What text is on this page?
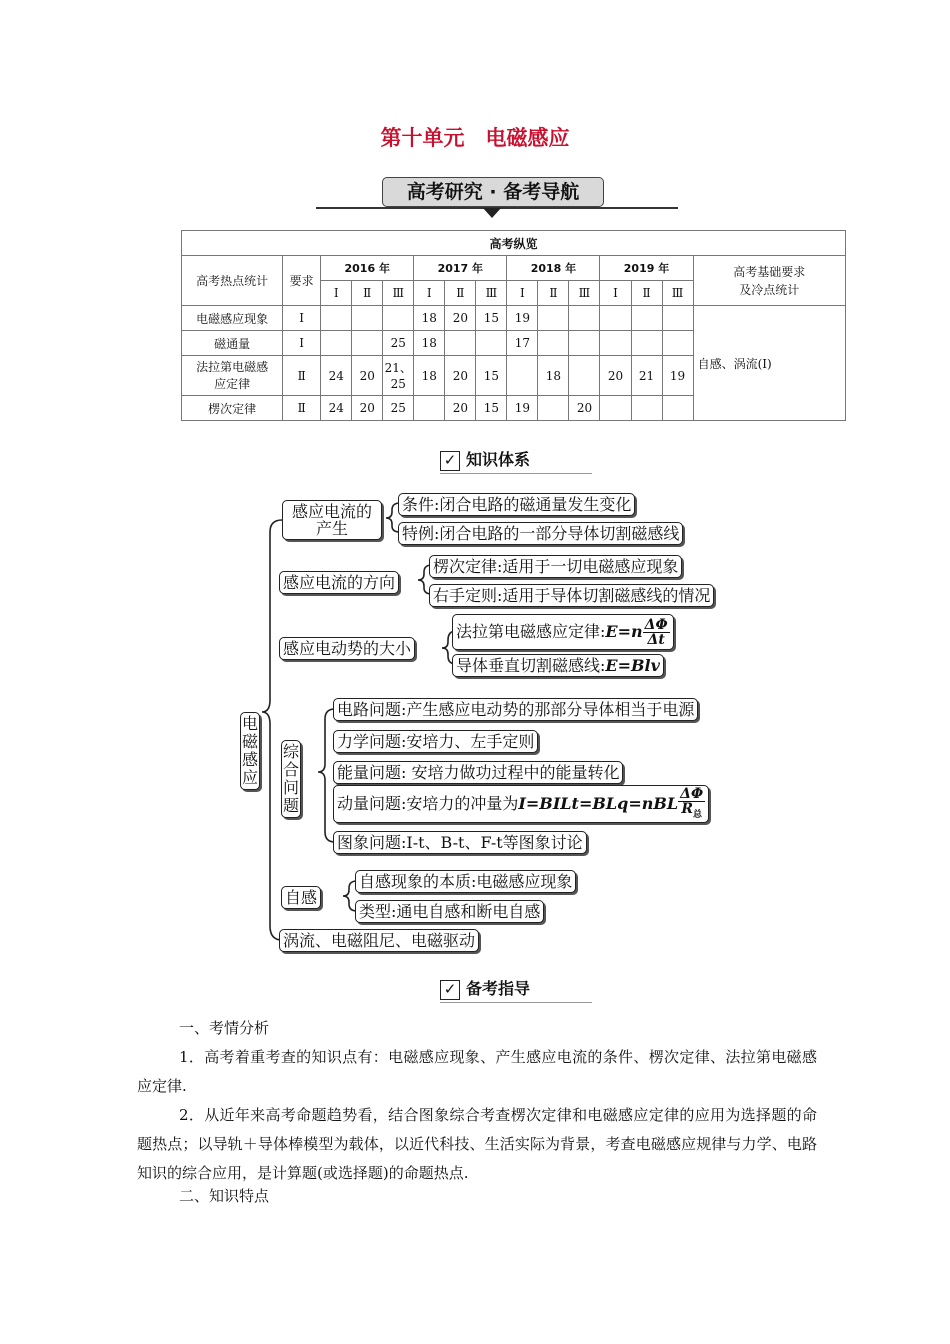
第十单元　电磁感应
高考研究 · 备考导航
高考纵览														
高考热点统计	要求	2016 年			2017 年			2018 年			2019 年			高考基础要求
及冷点统计
		Ⅰ	Ⅱ	Ⅲ	Ⅰ	Ⅱ	Ⅲ	Ⅰ	Ⅱ	Ⅲ	Ⅰ	Ⅱ	Ⅲ	
电磁感应现象	Ⅰ				18	20	15	19						自感、涡流(Ⅰ)
磁通量	Ⅰ			25	18			17						
法拉第电磁感应定律	Ⅱ	24	20	21、25	18	20	15		18		20	21	19	
楞次定律	Ⅱ	24	20	25		20	15	19		20				
✓ 知识体系
电磁感应
感应电流的产生
条件:闭合电路的磁通量发生变化
特例:闭合电路的一部分导体切割磁感线
感应电流的方向
楞次定律:适用于一切电磁感应现象
右手定则:适用于导体切割磁感线的情况
感应电动势的大小
法拉第电磁感应定律:E=n $\frac{\Delta\Phi}{\Delta t}$
导体垂直切割磁感线:E=Blv
综合问题
电路问题:产生感应电动势的那部分导体相当于电源
力学问题:安培力、左手定则
能量问题: 安培力做功过程中的能量转化
动量问题:安培力的冲量为I=BILt=BLq=nBL $\frac{\Delta\Phi}{R_总}$
图象问题:I-t、B-t、F-t等图象讨论
自感
自感现象的本质:电磁感应现象
类型:通电自感和断电自感
涡流、电磁阻尼、电磁驱动
✓ 备考指导
一、考情分析
1．高考着重考查的知识点有：电磁感应现象、产生感应电流的条件、楞次定律、法拉第电磁感应定律.
2．从近年来高考命题趋势看，结合图象综合考查楞次定律和电磁感应定律的应用为选择题的命题热点；以导轨＋导体棒模型为载体，以近代科技、生活实际为背景，考查电磁感应规律与力学、电路知识的综合应用，是计算题(或选择题)的命题热点.
二、知识特点
